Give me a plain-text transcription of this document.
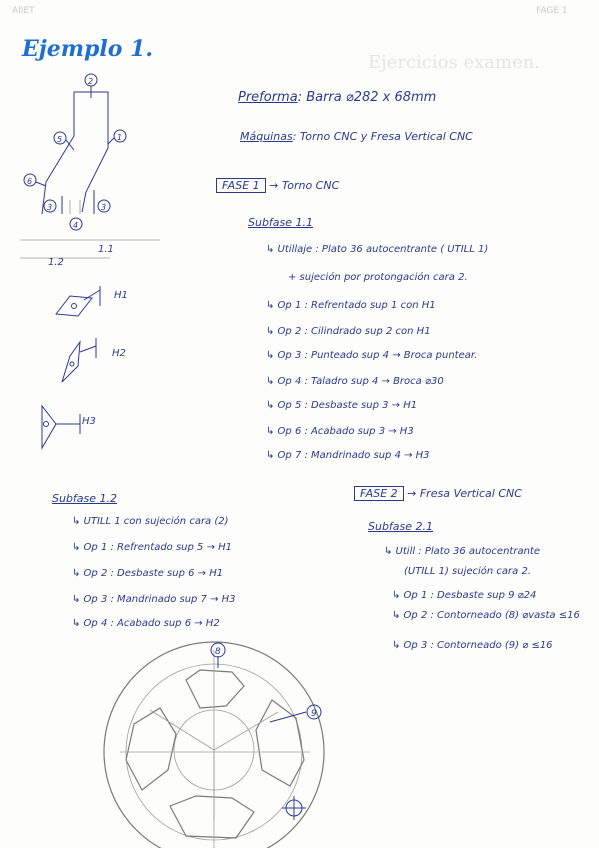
AIIET	FAGE 1
Ejercicios examen.
Ejemplo 1.
Preforma: Barra ⌀282 x 68mm
Máquinas: Torno CNC y Fresa Vertical CNC
FASE 1 → Torno CNC
Subfase 1.1
↳ Utillaje : Plato 36 autocentrante ( UTILL 1)
+ sujeción por protongación cara 2.
↳ Op 1 : Refrentado sup 1 con H1
↳ Op 2 : Cilindrado sup 2 con H1
↳ Op 3 : Punteado sup 4 → Broca puntear.
↳ Op 4 : Taladro sup 4 → Broca ⌀30
↳ Op 5 : Desbaste sup 3 → H1
↳ Op 6 : Acabado sup 3 → H3
↳ Op 7 : Mandrinado sup 4 → H3
Subfase 1.2
↳ UTILL 1 con sujeción cara (2)
↳ Op 1 : Refrentado sup 5 → H1
↳ Op 2 : Desbaste sup 6 → H1
↳ Op 3 : Mandrinado sup 7 → H3
↳ Op 4 : Acabado sup 6 → H2
FASE 2 → Fresa Vertical CNC
Subfase 2.1
↳ Utill : Plato 36 autocentrante
(UTILL 1) sujeción cara 2.
↳ Op 1 : Desbaste sup 9 ⌀24
↳ Op 2 : Contorneado (8) ⌀vasta ≤16
↳ Op 3 : Contorneado (9) ⌀ ≤16
2
5	1
6
3
4
3
1.2
1.1
H1
H2
H3
8
9
